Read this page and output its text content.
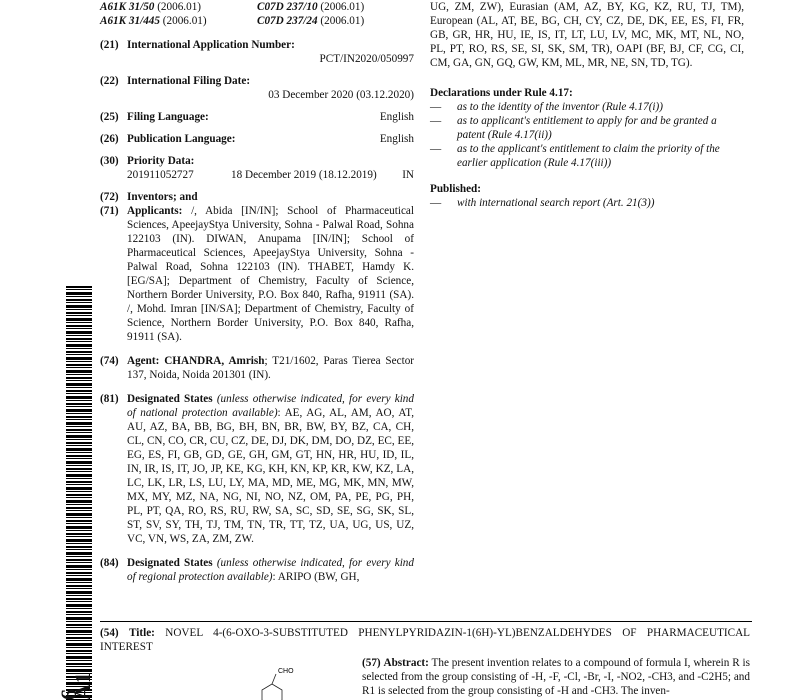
A61K 31/50 (2006.01)	C07D 237/10 (2006.01)
A61K 31/445 (2006.01)	C07D 237/24 (2006.01)
(21) International Application Number:
PCT/IN2020/050997
(22) International Filing Date:
03 December 2020 (03.12.2020)
(25) Filing Language:	English
(26) Publication Language:	English
(30) Priority Data:
201911052727	18 December 2019 (18.12.2019)	IN
(72) Inventors; and
(71) Applicants: /, Abida [IN/IN]; School of Pharmaceutical Sciences, ApeejayStya University, Sohna - Palwal Road, Sohna 122103 (IN). DIWAN, Anupama [IN/IN]; School of Pharmaceutical Sciences, ApeejayStya University, Sohna - Palwal Road, Sohna 122103 (IN). THABET, Hamdy K. [EG/SA]; Department of Chemistry, Faculty of Science, Northern Border University, P.O. Box 840, Rafha, 91911 (SA). /, Mohd. Imran [IN/SA]; Department of Chemistry, Faculty of Science, Northern Border University, P.O. Box 840, Rafha, 91911 (SA).
(74) Agent: CHANDRA, Amrish; T21/1602, Paras Tierea Sector 137, Noida, Noida 201301 (IN).
(81) Designated States (unless otherwise indicated, for every kind of national protection available): AE, AG, AL, AM, AO, AT, AU, AZ, BA, BB, BG, BH, BN, BR, BW, BY, BZ, CA, CH, CL, CN, CO, CR, CU, CZ, DE, DJ, DK, DM, DO, DZ, EC, EE, EG, ES, FI, GB, GD, GE, GH, GM, GT, HN, HR, HU, ID, IL, IN, IR, IS, IT, JO, JP, KE, KG, KH, KN, KP, KR, KW, KZ, LA, LC, LK, LR, LS, LU, LY, MA, MD, ME, MG, MK, MN, MW, MX, MY, MZ, NA, NG, NI, NO, NZ, OM, PA, PE, PG, PH, PL, PT, QA, RO, RS, RU, RW, SA, SC, SD, SE, SG, SK, SL, ST, SV, SY, TH, TJ, TM, TN, TR, TT, TZ, UA, UG, US, UZ, VC, VN, WS, ZA, ZM, ZW.
(84) Designated States (unless otherwise indicated, for every kind of regional protection available): ARIPO (BW, GH,
UG, ZM, ZW), Eurasian (AM, AZ, BY, KG, KZ, RU, TJ, TM), European (AL, AT, BE, BG, CH, CY, CZ, DE, DK, EE, ES, FI, FR, GB, GR, HR, HU, IE, IS, IT, LT, LU, LV, MC, MK, MT, NL, NO, PL, PT, RO, RS, SE, SI, SK, SM, TR), OAPI (BF, BJ, CF, CG, CI, CM, GA, GN, GQ, GW, KM, ML, MR, NE, SN, TD, TG).
Declarations under Rule 4.17:
—	as to the identity of the inventor (Rule 4.17(i))
—	as to applicant's entitlement to apply for and be granted a patent (Rule 4.17(ii))
—	as to the applicant's entitlement to claim the priority of the earlier application (Rule 4.17(iii))
Published:
—	with international search report (Art. 21(3))
6 A1
(54) Title: NOVEL 4-(6-OXO-3-SUBSTITUTED PHENYLPYRIDAZIN-1(6H)-YL)BENZALDEHYDES OF PHARMACEUTICAL INTEREST
CHO
(57) Abstract: The present invention relates to a compound of formula I, wherein R is selected from the group consisting of -H, -F, -Cl, -Br, -I, -NO2, -CH3, and -C2H5; and R1 is selected from the group consisting of -H and -CH3. The inven-
